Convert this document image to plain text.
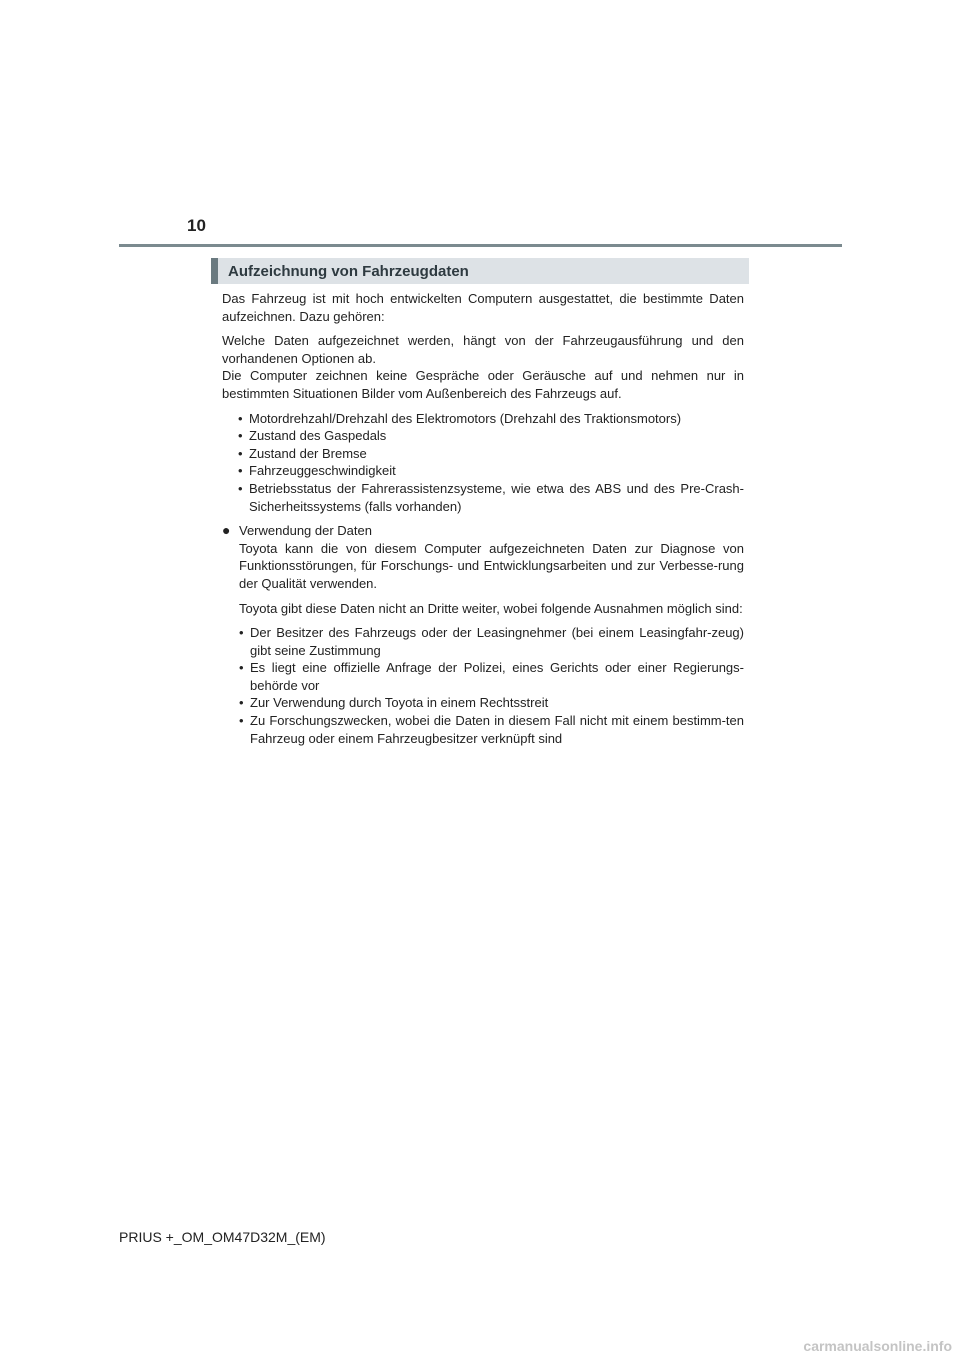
10
Aufzeichnung von Fahrzeugdaten

Das Fahrzeug ist mit hoch entwickelten Computern ausgestattet, die bestimmte Daten aufzeichnen. Dazu gehören:

Welche Daten aufgezeichnet werden, hängt von der Fahrzeugausführung und den vorhandenen Optionen ab.

Die Computer zeichnen keine Gespräche oder Geräusche auf und nehmen nur in bestimmten Situationen Bilder vom Außenbereich des Fahrzeugs auf.

• Motordrehzahl/Drehzahl des Elektromotors (Drehzahl des Traktionsmotors)
• Zustand des Gaspedals
• Zustand der Bremse
• Fahrzeuggeschwindigkeit
• Betriebsstatus der Fahrerassistenzsysteme, wie etwa des ABS und des Pre-Crash-Sicherheitssystems (falls vorhanden)
● Verwendung der Daten

Toyota kann die von diesem Computer aufgezeichneten Daten zur Diagnose von Funktionsstörungen, für Forschungs- und Entwicklungsarbeiten und zur Verbesse-rung der Qualität verwenden.

Toyota gibt diese Daten nicht an Dritte weiter, wobei folgende Ausnahmen möglich sind:

• Der Besitzer des Fahrzeugs oder der Leasingnehmer (bei einem Leasingfahr-zeug) gibt seine Zustimmung
• Es liegt eine offizielle Anfrage der Polizei, eines Gerichts oder einer Regierungs-behörde vor
• Zur Verwendung durch Toyota in einem Rechtsstreit
• Zu Forschungszwecken, wobei die Daten in diesem Fall nicht mit einem bestimm-ten Fahrzeug oder einem Fahrzeugbesitzer verknüpft sind
PRIUS +_OM_OM47D32M_(EM)
carmanualsonline.info
